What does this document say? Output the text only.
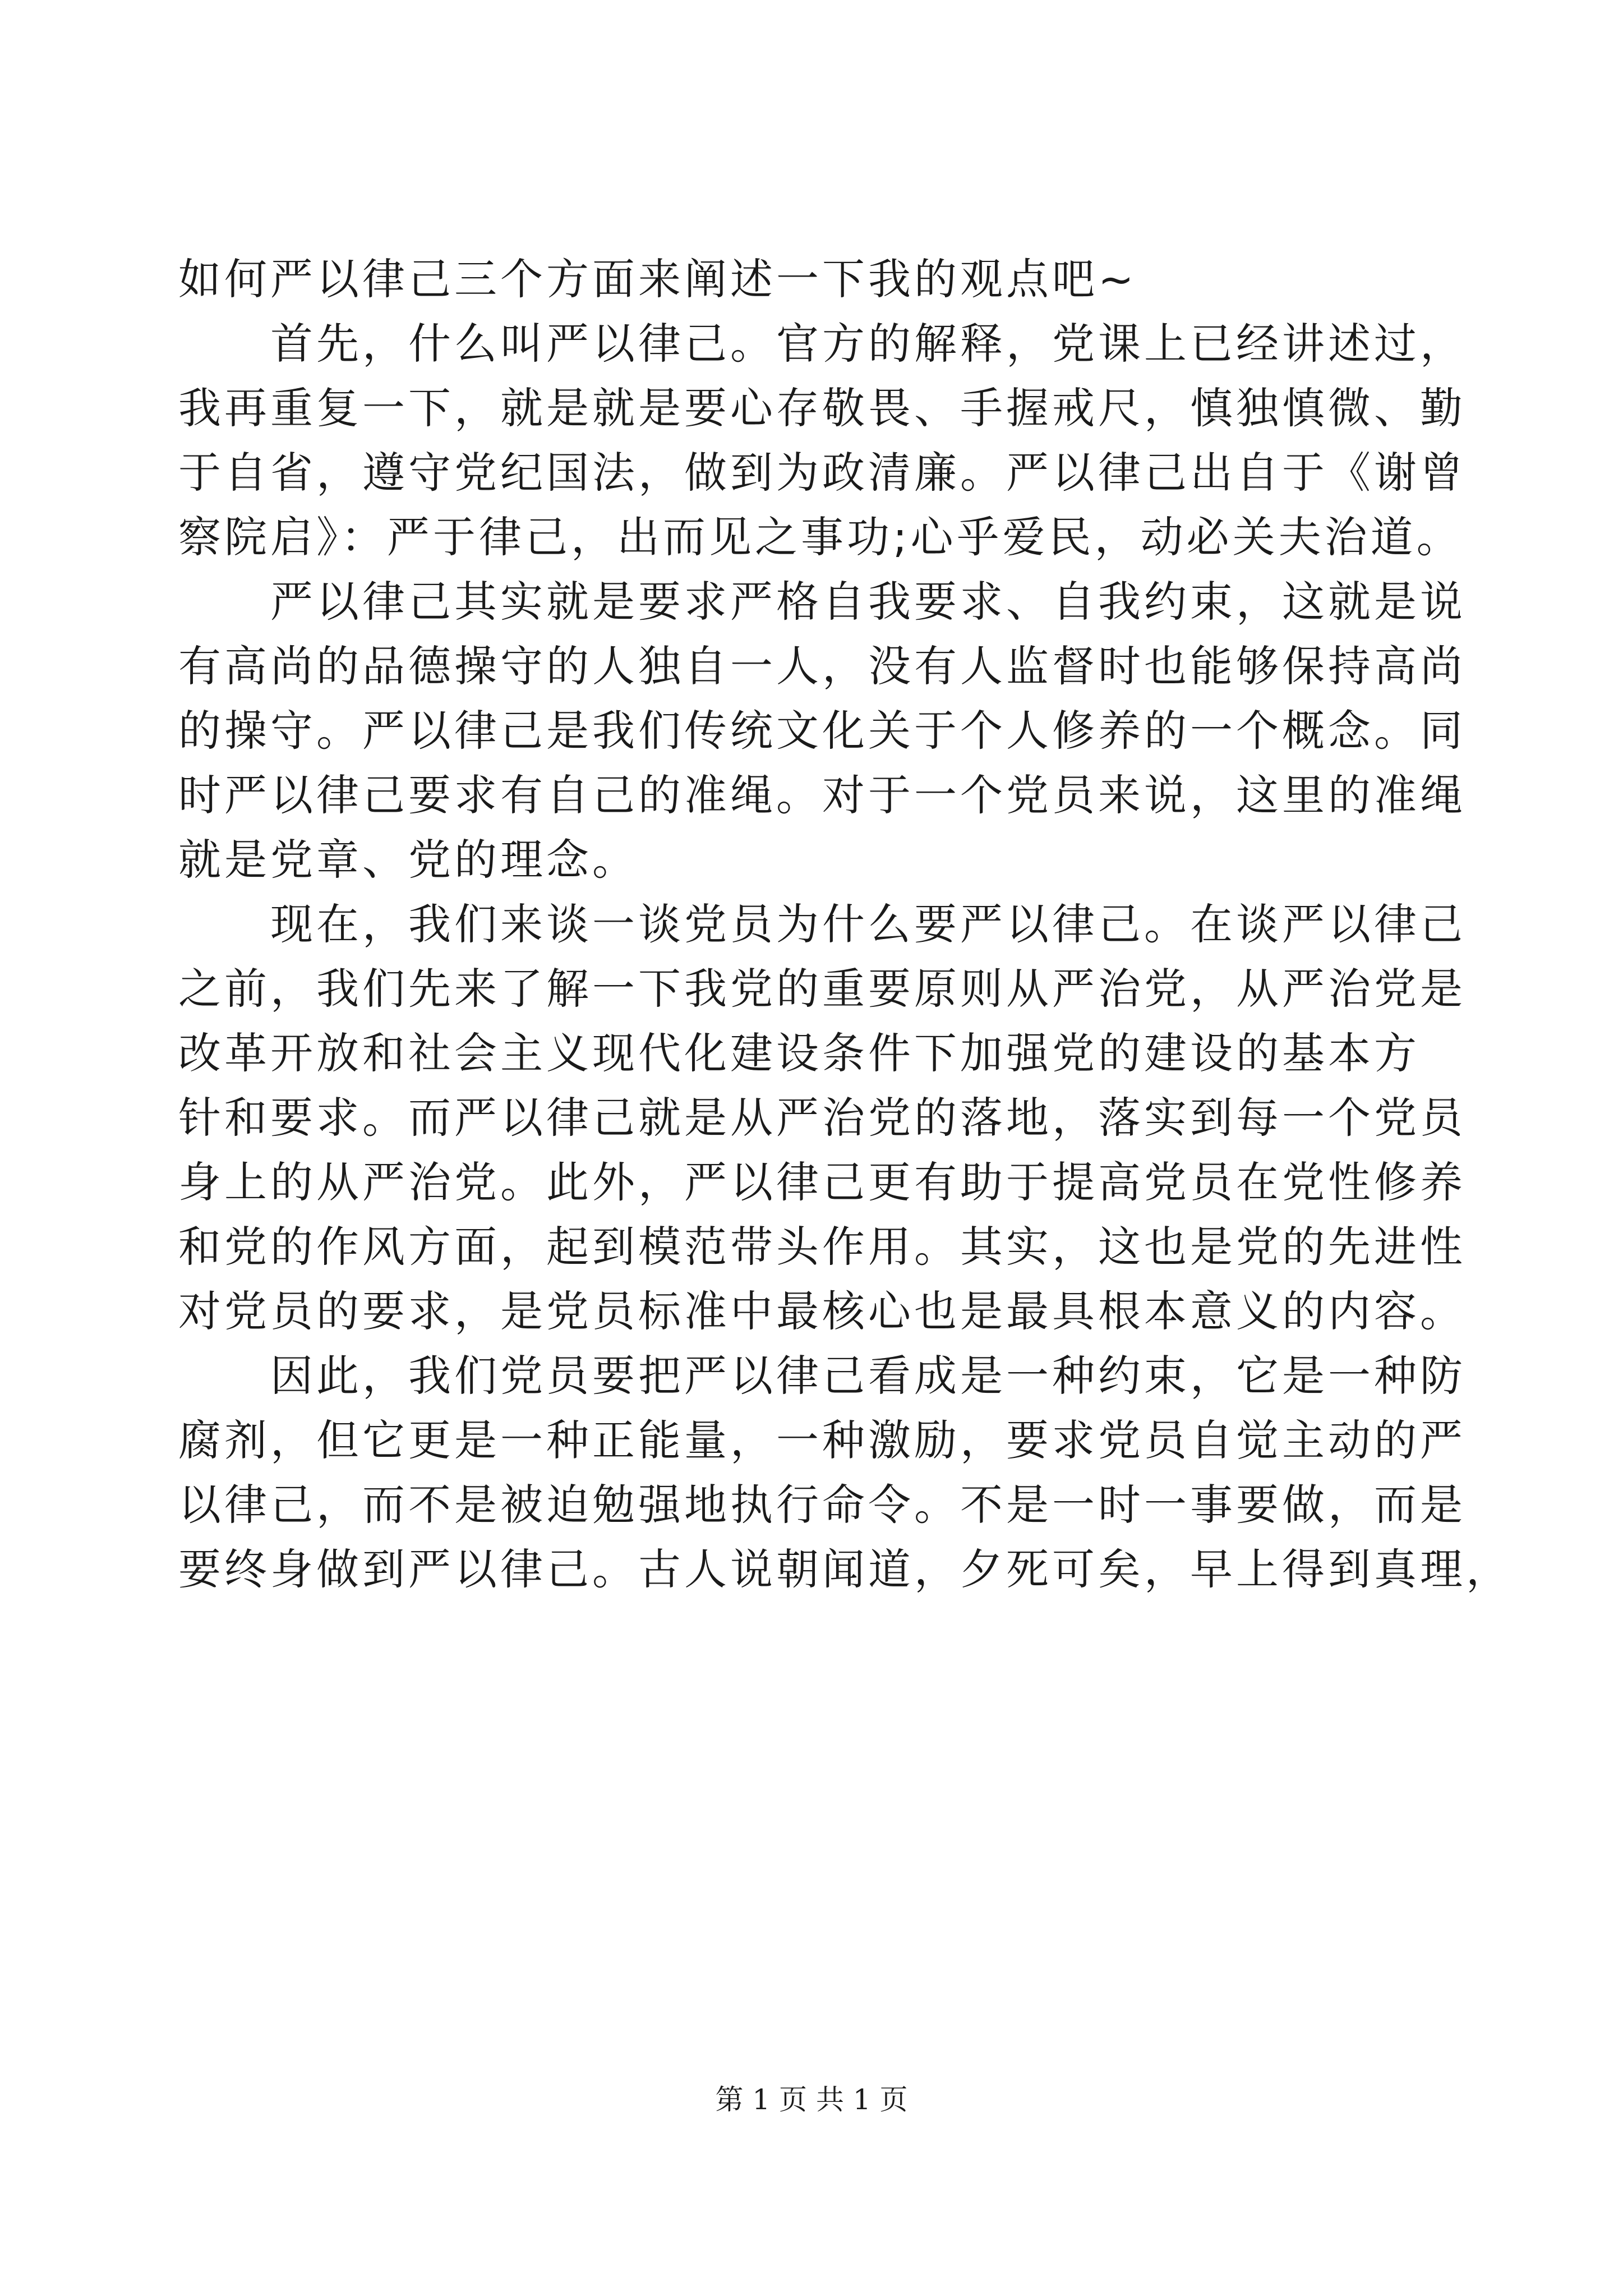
如何严以律己三个方面来阐述一下我的观点吧~
　　首先，什么叫严以律己。官方的解释，党课上已经讲述过，
我再重复一下，就是就是要心存敬畏、手握戒尺，慎独慎微、勤
于自省，遵守党纪国法，做到为政清廉。严以律己出自于《谢曾
察院启》：严于律己，出而见之事功;心乎爱民，动必关夫治道。
　　严以律己其实就是要求严格自我要求、自我约束，这就是说
有高尚的品德操守的人独自一人，没有人监督时也能够保持高尚
的操守。严以律己是我们传统文化关于个人修养的一个概念。同
时严以律己要求有自己的准绳。对于一个党员来说，这里的准绳
就是党章、党的理念。
　　现在，我们来谈一谈党员为什么要严以律己。在谈严以律己
之前，我们先来了解一下我党的重要原则从严治党，从严治党是
改革开放和社会主义现代化建设条件下加强党的建设的基本方
针和要求。而严以律己就是从严治党的落地，落实到每一个党员
身上的从严治党。此外，严以律己更有助于提高党员在党性修养
和党的作风方面，起到模范带头作用。其实，这也是党的先进性
对党员的要求，是党员标准中最核心也是最具根本意义的内容。
　　因此，我们党员要把严以律己看成是一种约束，它是一种防
腐剂，但它更是一种正能量，一种激励，要求党员自觉主动的严
以律己，而不是被迫勉强地执行命令。不是一时一事要做，而是
要终身做到严以律己。古人说朝闻道，夕死可矣，早上得到真理，
第 1 页 共 1 页
